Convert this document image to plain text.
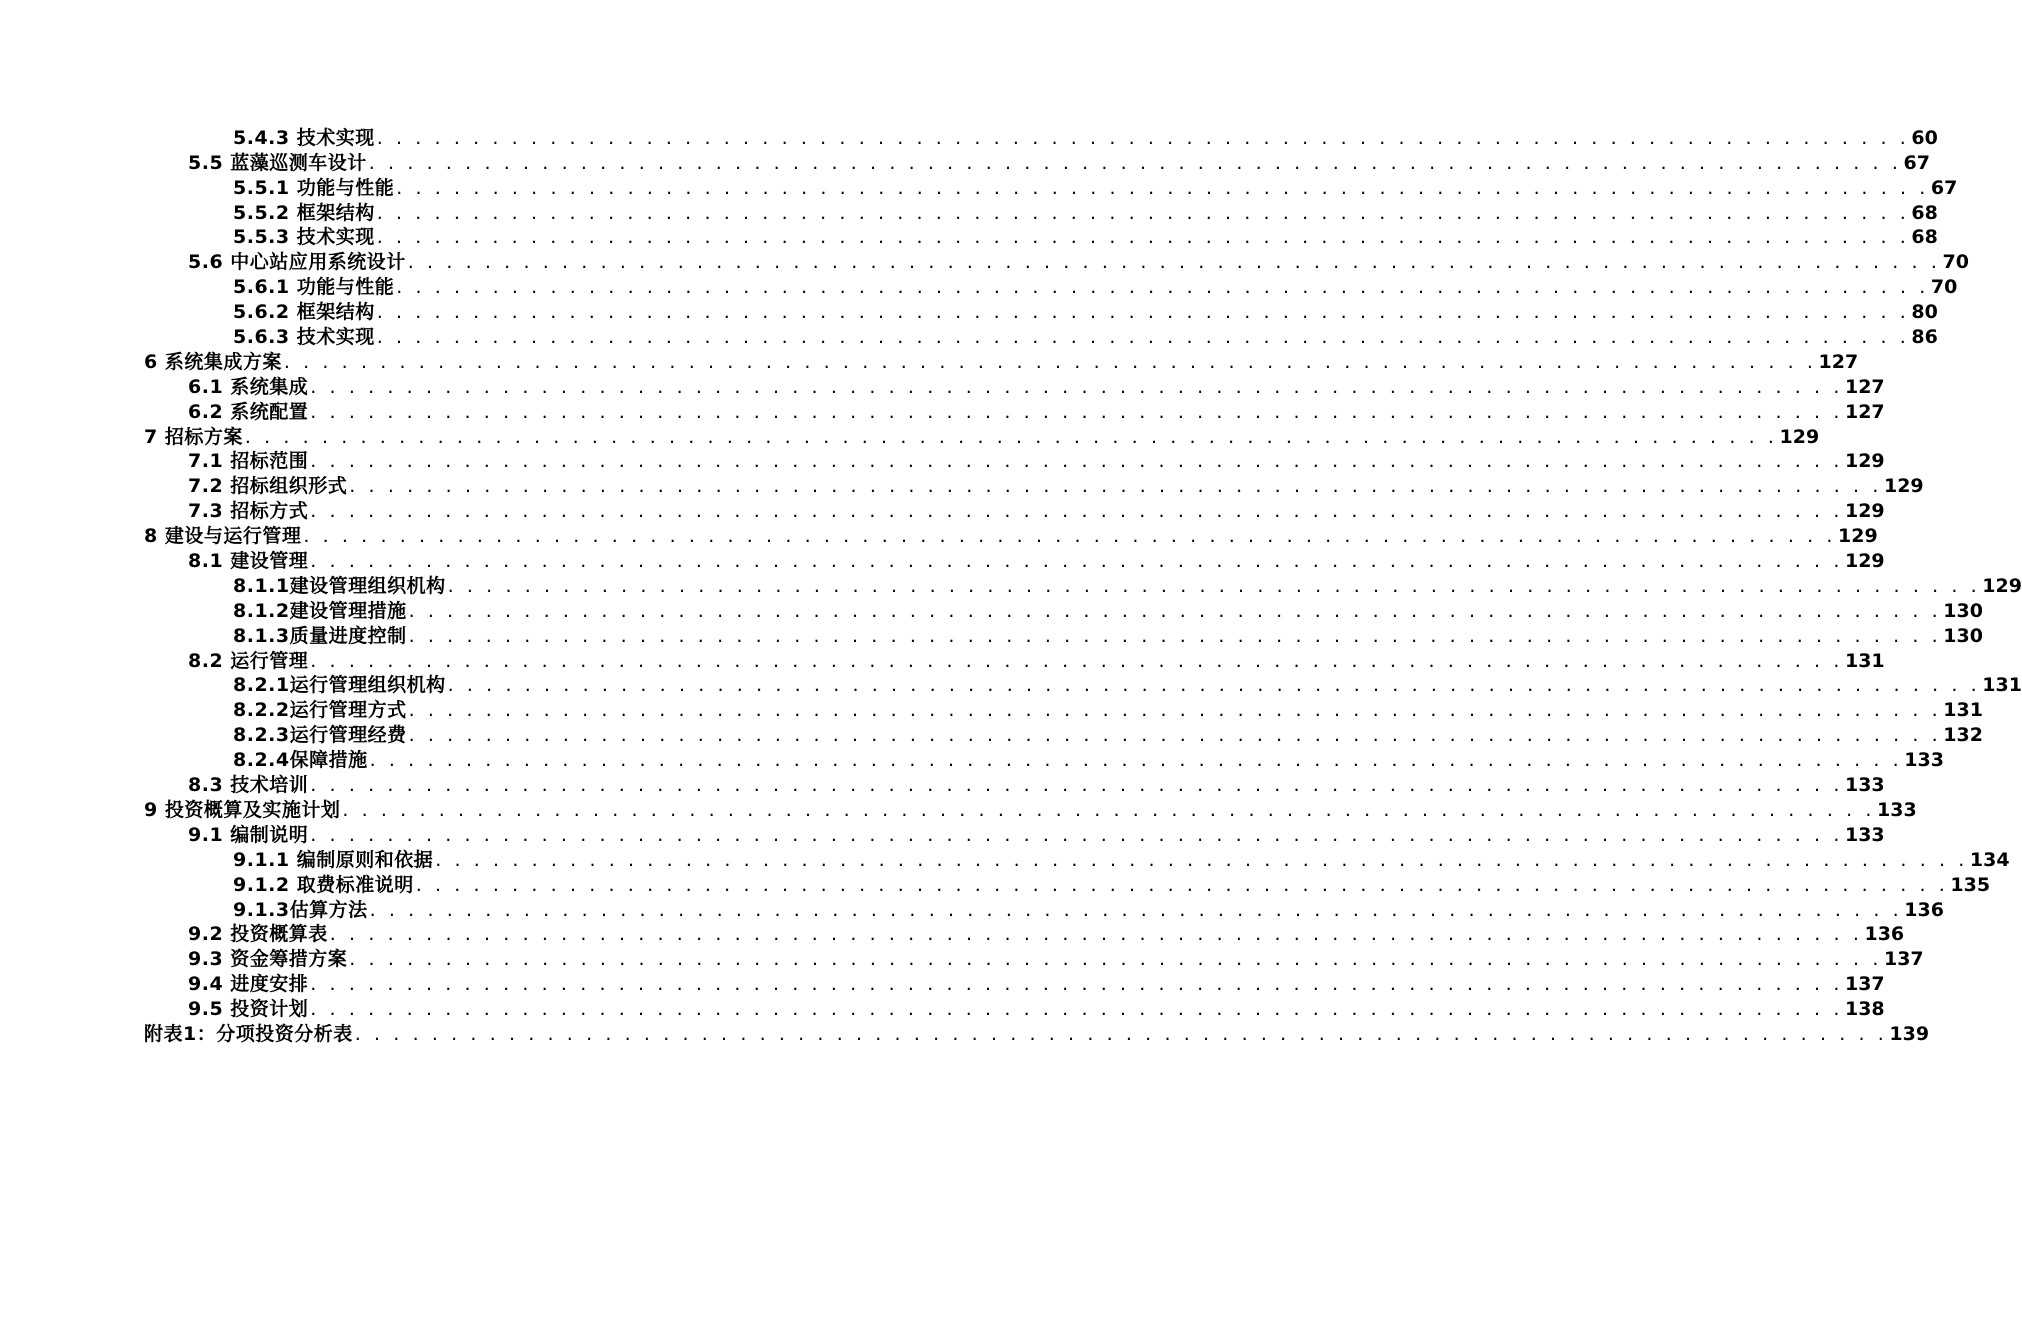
5.4.3 技术实现 . . . . . . . . . . . . . . . . . . . . . . . . . . . . . . . . . . . . . . . . . . . . . . . . . . . . . . . . . . . . . . . . . . . . . . . . . . . . . . . . 60
5.5 蓝藻巡测车设计 . . . . . . . . . . . . . . . . . . . . . . . . . . . . . . . . . . . . . . . . . . . . . . . . . . . . . . . . . . . . . . . . . . . . . . . . . . . . . . . . 67
5.5.1 功能与性能 . . . . . . . . . . . . . . . . . . . . . . . . . . . . . . . . . . . . . . . . . . . . . . . . . . . . . . . . . . . . . . . . . . . . . . . . . . . . . . . . 67
5.5.2 框架结构 . . . . . . . . . . . . . . . . . . . . . . . . . . . . . . . . . . . . . . . . . . . . . . . . . . . . . . . . . . . . . . . . . . . . . . . . . . . . . . . . 68
5.5.3 技术实现 . . . . . . . . . . . . . . . . . . . . . . . . . . . . . . . . . . . . . . . . . . . . . . . . . . . . . . . . . . . . . . . . . . . . . . . . . . . . . . . . 68
5.6 中心站应用系统设计 . . . . . . . . . . . . . . . . . . . . . . . . . . . . . . . . . . . . . . . . . . . . . . . . . . . . . . . . . . . . . . . . . . . . . . . . . . . . . . . . 70
5.6.1 功能与性能 . . . . . . . . . . . . . . . . . . . . . . . . . . . . . . . . . . . . . . . . . . . . . . . . . . . . . . . . . . . . . . . . . . . . . . . . . . . . . . . . 70
5.6.2 框架结构 . . . . . . . . . . . . . . . . . . . . . . . . . . . . . . . . . . . . . . . . . . . . . . . . . . . . . . . . . . . . . . . . . . . . . . . . . . . . . . . . 80
5.6.3 技术实现 . . . . . . . . . . . . . . . . . . . . . . . . . . . . . . . . . . . . . . . . . . . . . . . . . . . . . . . . . . . . . . . . . . . . . . . . . . . . . . . . 86
6 系统集成方案 . . . . . . . . . . . . . . . . . . . . . . . . . . . . . . . . . . . . . . . . . . . . . . . . . . . . . . . . . . . . . . . . . . . . . . . . . . . . . . . . 127
6.1 系统集成 . . . . . . . . . . . . . . . . . . . . . . . . . . . . . . . . . . . . . . . . . . . . . . . . . . . . . . . . . . . . . . . . . . . . . . . . . . . . . . . . 127
6.2 系统配置 . . . . . . . . . . . . . . . . . . . . . . . . . . . . . . . . . . . . . . . . . . . . . . . . . . . . . . . . . . . . . . . . . . . . . . . . . . . . . . . . 127
7 招标方案 . . . . . . . . . . . . . . . . . . . . . . . . . . . . . . . . . . . . . . . . . . . . . . . . . . . . . . . . . . . . . . . . . . . . . . . . . . . . . . . . 129
7.1 招标范围 . . . . . . . . . . . . . . . . . . . . . . . . . . . . . . . . . . . . . . . . . . . . . . . . . . . . . . . . . . . . . . . . . . . . . . . . . . . . . . . . 129
7.2 招标组织形式 . . . . . . . . . . . . . . . . . . . . . . . . . . . . . . . . . . . . . . . . . . . . . . . . . . . . . . . . . . . . . . . . . . . . . . . . . . . . . . . . 129
7.3 招标方式 . . . . . . . . . . . . . . . . . . . . . . . . . . . . . . . . . . . . . . . . . . . . . . . . . . . . . . . . . . . . . . . . . . . . . . . . . . . . . . . . 129
8 建设与运行管理 . . . . . . . . . . . . . . . . . . . . . . . . . . . . . . . . . . . . . . . . . . . . . . . . . . . . . . . . . . . . . . . . . . . . . . . . . . . . . . . . 129
8.1 建设管理 . . . . . . . . . . . . . . . . . . . . . . . . . . . . . . . . . . . . . . . . . . . . . . . . . . . . . . . . . . . . . . . . . . . . . . . . . . . . . . . . 129
8.1.1建设管理组织机构 . . . . . . . . . . . . . . . . . . . . . . . . . . . . . . . . . . . . . . . . . . . . . . . . . . . . . . . . . . . . . . . . . . . . . . . . . . . . . . . . 129
8.1.2建设管理措施 . . . . . . . . . . . . . . . . . . . . . . . . . . . . . . . . . . . . . . . . . . . . . . . . . . . . . . . . . . . . . . . . . . . . . . . . . . . . . . . . 130
8.1.3质量进度控制 . . . . . . . . . . . . . . . . . . . . . . . . . . . . . . . . . . . . . . . . . . . . . . . . . . . . . . . . . . . . . . . . . . . . . . . . . . . . . . . . 130
8.2 运行管理 . . . . . . . . . . . . . . . . . . . . . . . . . . . . . . . . . . . . . . . . . . . . . . . . . . . . . . . . . . . . . . . . . . . . . . . . . . . . . . . . 131
8.2.1运行管理组织机构 . . . . . . . . . . . . . . . . . . . . . . . . . . . . . . . . . . . . . . . . . . . . . . . . . . . . . . . . . . . . . . . . . . . . . . . . . . . . . . . . 131
8.2.2运行管理方式 . . . . . . . . . . . . . . . . . . . . . . . . . . . . . . . . . . . . . . . . . . . . . . . . . . . . . . . . . . . . . . . . . . . . . . . . . . . . . . . . 131
8.2.3运行管理经费 . . . . . . . . . . . . . . . . . . . . . . . . . . . . . . . . . . . . . . . . . . . . . . . . . . . . . . . . . . . . . . . . . . . . . . . . . . . . . . . . 132
8.2.4保障措施 . . . . . . . . . . . . . . . . . . . . . . . . . . . . . . . . . . . . . . . . . . . . . . . . . . . . . . . . . . . . . . . . . . . . . . . . . . . . . . . . 133
8.3 技术培训 . . . . . . . . . . . . . . . . . . . . . . . . . . . . . . . . . . . . . . . . . . . . . . . . . . . . . . . . . . . . . . . . . . . . . . . . . . . . . . . . 133
9 投资概算及实施计划 . . . . . . . . . . . . . . . . . . . . . . . . . . . . . . . . . . . . . . . . . . . . . . . . . . . . . . . . . . . . . . . . . . . . . . . . . . . . . . . . 133
9.1 编制说明 . . . . . . . . . . . . . . . . . . . . . . . . . . . . . . . . . . . . . . . . . . . . . . . . . . . . . . . . . . . . . . . . . . . . . . . . . . . . . . . . 133
9.1.1 编制原则和依据 . . . . . . . . . . . . . . . . . . . . . . . . . . . . . . . . . . . . . . . . . . . . . . . . . . . . . . . . . . . . . . . . . . . . . . . . . . . . . . . . 134
9.1.2 取费标准说明 . . . . . . . . . . . . . . . . . . . . . . . . . . . . . . . . . . . . . . . . . . . . . . . . . . . . . . . . . . . . . . . . . . . . . . . . . . . . . . . . 135
9.1.3估算方法 . . . . . . . . . . . . . . . . . . . . . . . . . . . . . . . . . . . . . . . . . . . . . . . . . . . . . . . . . . . . . . . . . . . . . . . . . . . . . . . . 136
9.2 投资概算表 . . . . . . . . . . . . . . . . . . . . . . . . . . . . . . . . . . . . . . . . . . . . . . . . . . . . . . . . . . . . . . . . . . . . . . . . . . . . . . . . 136
9.3 资金筹措方案 . . . . . . . . . . . . . . . . . . . . . . . . . . . . . . . . . . . . . . . . . . . . . . . . . . . . . . . . . . . . . . . . . . . . . . . . . . . . . . . . 137
9.4 进度安排 . . . . . . . . . . . . . . . . . . . . . . . . . . . . . . . . . . . . . . . . . . . . . . . . . . . . . . . . . . . . . . . . . . . . . . . . . . . . . . . . 137
9.5 投资计划 . . . . . . . . . . . . . . . . . . . . . . . . . . . . . . . . . . . . . . . . . . . . . . . . . . . . . . . . . . . . . . . . . . . . . . . . . . . . . . . . 138
附表1：分项投资分析表 . . . . . . . . . . . . . . . . . . . . . . . . . . . . . . . . . . . . . . . . . . . . . . . . . . . . . . . . . . . . . . . . . . . . . . . . . . . . . . . . 139
